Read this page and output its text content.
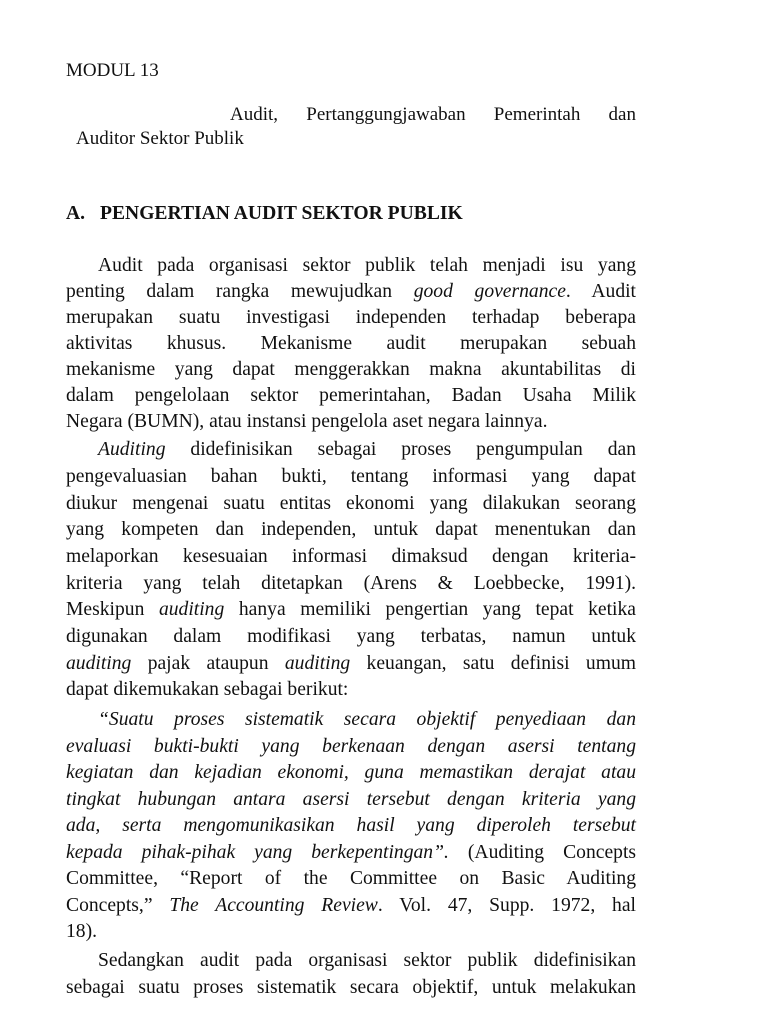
MODUL 13
Audit, Pertanggungjawaban Pemerintah dan
Auditor Sektor Publik
A. PENGERTIAN AUDIT SEKTOR PUBLIK
Audit pada organisasi sektor publik telah menjadi isu yang
penting dalam rangka mewujudkan good governance. Audit
merupakan suatu investigasi independen terhadap beberapa
aktivitas khusus. Mekanisme audit merupakan sebuah
mekanisme yang dapat menggerakkan makna akuntabilitas di
dalam pengelolaan sektor pemerintahan, Badan Usaha Milik
Negara (BUMN), atau instansi pengelola aset negara lainnya.
Auditing didefinisikan sebagai proses pengumpulan dan
pengevaluasian bahan bukti, tentang informasi yang dapat
diukur mengenai suatu entitas ekonomi yang dilakukan seorang
yang kompeten dan independen, untuk dapat menentukan dan
melaporkan kesesuaian informasi dimaksud dengan kriteria-
kriteria yang telah ditetapkan (Arens & Loebbecke, 1991).
Meskipun auditing hanya memiliki pengertian yang tepat ketika
digunakan dalam modifikasi yang terbatas, namun untuk
auditing pajak ataupun auditing keuangan, satu definisi umum
dapat dikemukakan sebagai berikut:
“Suatu proses sistematik secara objektif penyediaan dan
evaluasi bukti-bukti yang berkenaan dengan asersi tentang
kegiatan dan kejadian ekonomi, guna memastikan derajat atau
tingkat hubungan antara asersi tersebut dengan kriteria yang
ada, serta mengomunikasikan hasil yang diperoleh tersebut
kepada pihak-pihak yang berkepentingan”. (Auditing Concepts
Committee, “Report of the Committee on Basic Auditing
Concepts,” The Accounting Review. Vol. 47, Supp. 1972, hal
18).
Sedangkan audit pada organisasi sektor publik didefinisikan
sebagai suatu proses sistematik secara objektif, untuk melakukan
